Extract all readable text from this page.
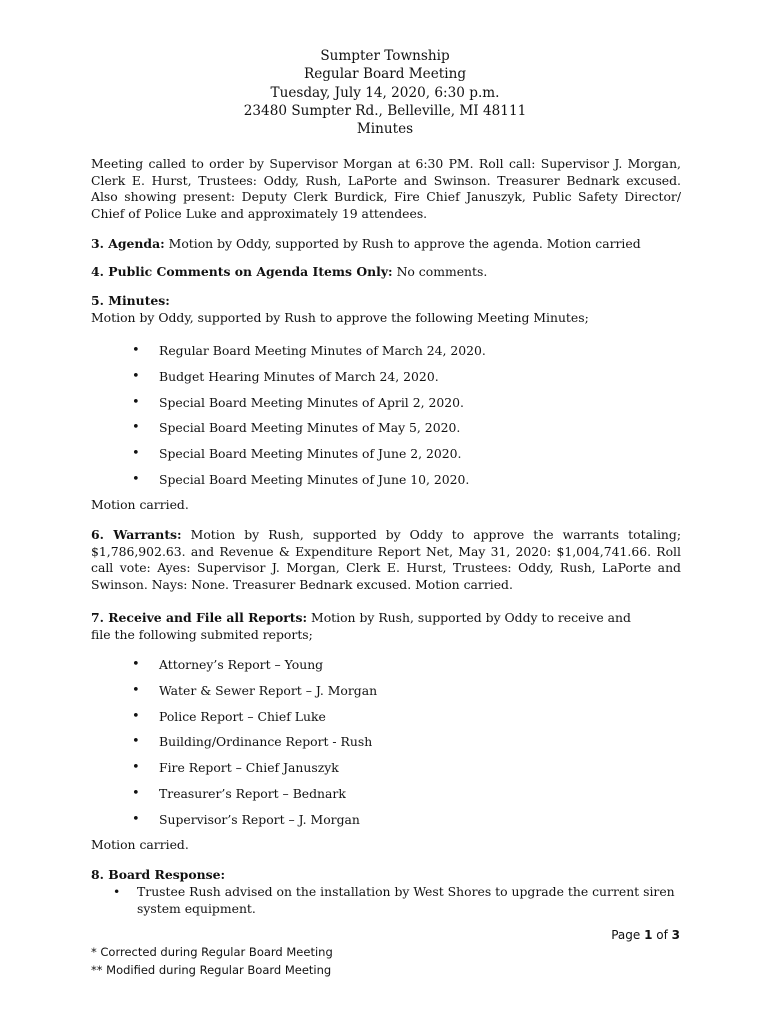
Sumpter Township
Regular Board Meeting
Tuesday, July 14, 2020, 6:30 p.m.
23480 Sumpter Rd., Belleville, MI 48111
Minutes
Meeting called to order by Supervisor Morgan at 6:30 PM. Roll call: Supervisor J. Morgan, Clerk E. Hurst, Trustees: Oddy, Rush, LaPorte and Swinson. Treasurer Bednark excused. Also showing present: Deputy Clerk Burdick, Fire Chief Januszyk, Public Safety Director/ Chief of Police Luke and approximately 19 attendees.
3. Agenda: Motion by Oddy, supported by Rush to approve the agenda. Motion carried
4. Public Comments on Agenda Items Only: No comments.
5. Minutes:
Motion by Oddy, supported by Rush to approve the following Meeting Minutes;
• Regular Board Meeting Minutes of March 24, 2020.
• Budget Hearing Minutes of March 24, 2020.
• Special Board Meeting Minutes of April 2, 2020.
• Special Board Meeting Minutes of May 5, 2020.
• Special Board Meeting Minutes of June 2, 2020.
• Special Board Meeting Minutes of June 10, 2020.
Motion carried.
6. Warrants: Motion by Rush, supported by Oddy to approve the warrants totaling; $1,786,902.63. and Revenue & Expenditure Report Net, May 31, 2020: $1,004,741.66. Roll call vote: Ayes: Supervisor J. Morgan, Clerk E. Hurst, Trustees: Oddy, Rush, LaPorte and Swinson. Nays: None. Treasurer Bednark excused. Motion carried.
7. Receive and File all Reports: Motion by Rush, supported by Oddy to receive and file the following submited reports;
• Attorney’s Report – Young
• Water & Sewer Report – J. Morgan
• Police Report – Chief Luke
• Building/Ordinance Report - Rush
• Fire Report – Chief Januszyk
• Treasurer’s Report – Bednark
• Supervisor’s Report – J. Morgan
Motion carried.
8. Board Response:
• Trustee Rush advised on the installation by West Shores to upgrade the current siren system equipment.
Page 1 of 3
* Corrected during Regular Board Meeting
** Modified during Regular Board Meeting
